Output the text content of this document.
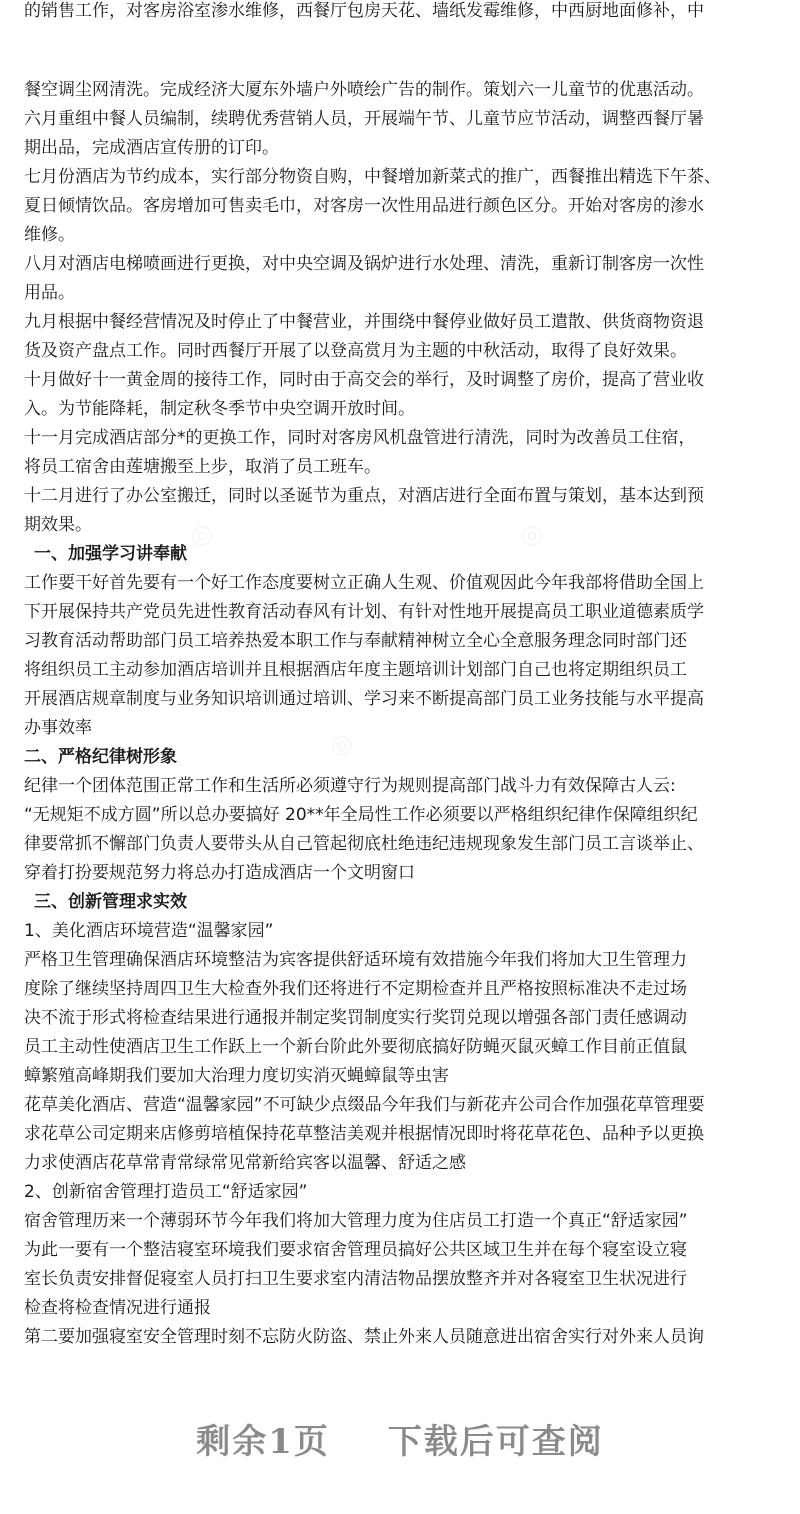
的销售工作，对客房浴室渗水维修，西餐厅包房天花、墙纸发霉维修，中西厨地面修补，中
餐空调尘网清洗。完成经济大厦东外墙户外喷绘广告的制作。策划六一儿童节的优惠活动。
六月重组中餐人员编制，续聘优秀营销人员，开展端午节、儿童节应节活动，调整西餐厅暑
期出品，完成酒店宣传册的订印。
七月份酒店为节约成本，实行部分物资自购，中餐增加新菜式的推广，西餐推出精选下午茶、
夏日倾情饮品。客房增加可售卖毛巾，对客房一次性用品进行颜色区分。开始对客房的渗水
维修。
八月对酒店电梯喷画进行更换，对中央空调及锅炉进行水处理、清洗，重新订制客房一次性
用品。
九月根据中餐经营情况及时停止了中餐营业，并围绕中餐停业做好员工遣散、供货商物资退
货及资产盘点工作。同时西餐厅开展了以登高赏月为主题的中秋活动，取得了良好效果。
十月做好十一黄金周的接待工作，同时由于高交会的举行，及时调整了房价，提高了营业收
入。为节能降耗，制定秋冬季节中央空调开放时间。
十一月完成酒店部分*的更换工作，同时对客房风机盘管进行清洗，同时为改善员工住宿，
将员工宿舍由莲塘搬至上步，取消了员工班车。
十二月进行了办公室搬迁，同时以圣诞节为重点，对酒店进行全面布置与策划，基本达到预
期效果。
一、加强学习讲奉献
工作要干好首先要有一个好工作态度要树立正确人生观、价值观因此今年我部将借助全国上
下开展保持共产党员先进性教育活动春风有计划、有针对性地开展提高员工职业道德素质学
习教育活动帮助部门员工培养热爱本职工作与奉献精神树立全心全意服务理念同时部门还
将组织员工主动参加酒店培训并且根据酒店年度主题培训计划部门自己也将定期组织员工
开展酒店规章制度与业务知识培训通过培训、学习来不断提高部门员工业务技能与水平提高
办事效率
二、严格纪律树形象
纪律一个团体范围正常工作和生活所必须遵守行为规则提高部门战斗力有效保障古人云:
“无规矩不成方圆”所以总办要搞好 20**年全局性工作必须要以严格组织纪律作保障组织纪
律要常抓不懈部门负责人要带头从自己管起彻底杜绝违纪违规现象发生部门员工言谈举止、
穿着打扮要规范努力将总办打造成酒店一个文明窗口
三、创新管理求实效
1、美化酒店环境营造“温馨家园”
严格卫生管理确保酒店环境整洁为宾客提供舒适环境有效措施今年我们将加大卫生管理力
度除了继续坚持周四卫生大检查外我们还将进行不定期检查并且严格按照标准决不走过场
决不流于形式将检查结果进行通报并制定奖罚制度实行奖罚兑现以增强各部门责任感调动
员工主动性使酒店卫生工作跃上一个新台阶此外要彻底搞好防蝇灭鼠灭蟑工作目前正值鼠
蟑繁殖高峰期我们要加大治理力度切实消灭蝇蟑鼠等虫害
花草美化酒店、营造“温馨家园”不可缺少点缀品今年我们与新花卉公司合作加强花草管理要
求花草公司定期来店修剪培植保持花草整洁美观并根据情况即时将花草花色、品种予以更换
力求使酒店花草常青常绿常见常新给宾客以温馨、舒适之感
2、创新宿舍管理打造员工“舒适家园”
宿舍管理历来一个薄弱环节今年我们将加大管理力度为住店员工打造一个真正“舒适家园”
为此一要有一个整洁寝室环境我们要求宿舍管理员搞好公共区域卫生并在每个寝室设立寝
室长负责安排督促寝室人员打扫卫生要求室内清洁物品摆放整齐并对各寝室卫生状况进行
检查将检查情况进行通报
第二要加强寝室安全管理时刻不忘防火防盗、禁止外来人员随意进出宿舍实行对外来人员询
剩余1页 下载后可查阅
